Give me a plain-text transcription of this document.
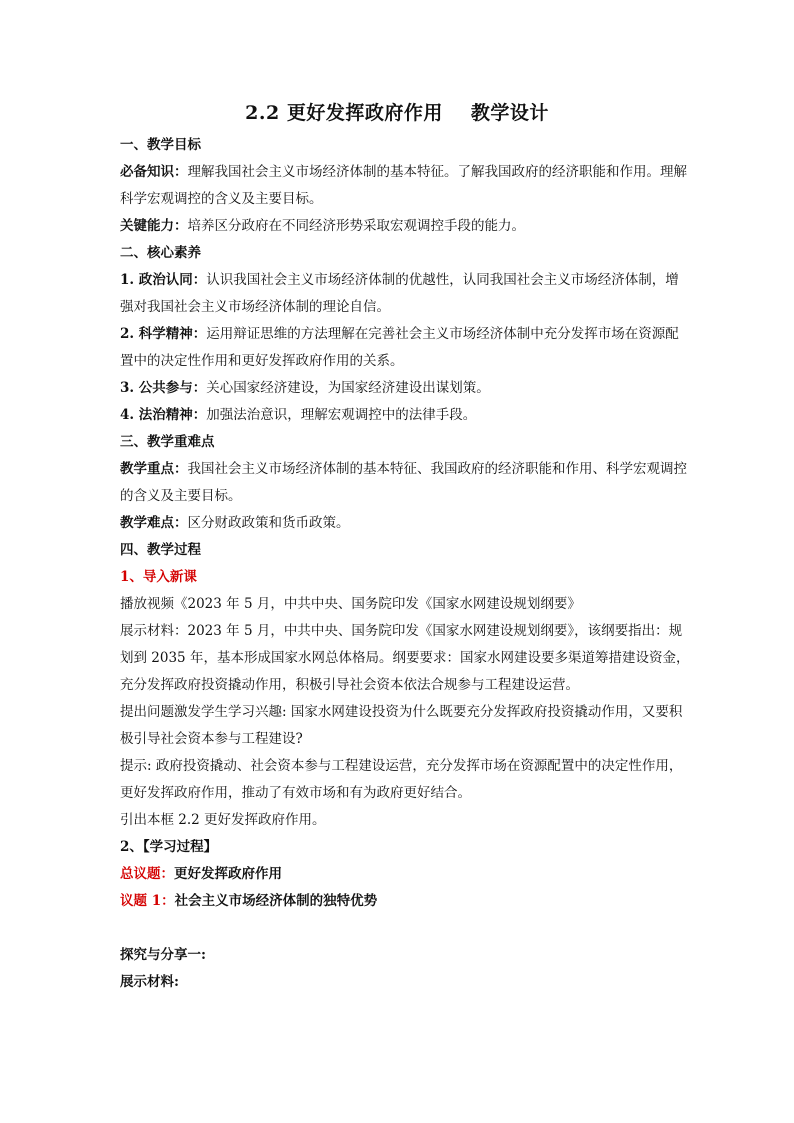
2.2 更好发挥政府作用 教学设计

一、教学目标

必备知识：理解我国社会主义市场经济体制的基本特征。了解我国政府的经济职能和作用。理解科学宏观调控的含义及主要目标。

关键能力：培养区分政府在不同经济形势采取宏观调控手段的能力。

二、核心素养

1. 政治认同：认识我国社会主义市场经济体制的优越性，认同我国社会主义市场经济体制，增强对我国社会主义市场经济体制的理论自信。

2. 科学精神：运用辩证思维的方法理解在完善社会主义市场经济体制中充分发挥市场在资源配置中的决定性作用和更好发挥政府作用的关系。

3. 公共参与：关心国家经济建设，为国家经济建设出谋划策。

4. 法治精神：加强法治意识，理解宏观调控中的法律手段。

三、教学重难点

教学重点：我国社会主义市场经济体制的基本特征、我国政府的经济职能和作用、科学宏观调控的含义及主要目标。

教学难点：区分财政政策和货币政策。

四、教学过程

1、导入新课

播放视频《2023 年 5 月，中共中央、国务院印发《国家水网建设规划纲要》

展示材料：2023 年 5 月，中共中央、国务院印发《国家水网建设规划纲要》，该纲要指出：规划到 2035 年，基本形成国家水网总体格局。纲要要求：国家水网建设要多渠道筹措建设资金，充分发挥政府投资撬动作用，积极引导社会资本依法合规参与工程建设运营。

提出问题激发学生学习兴趣: 国家水网建设投资为什么既要充分发挥政府投资撬动作用，又要积极引导社会资本参与工程建设?

提示: 政府投资撬动、社会资本参与工程建设运营，充分发挥市场在资源配置中的决定性作用，更好发挥政府作用，推动了有效市场和有为政府更好结合。

引出本框 2.2 更好发挥政府作用。

2、【学习过程】

总议题：更好发挥政府作用

议题 1：社会主义市场经济体制的独特优势

探究与分享一:

展示材料:
